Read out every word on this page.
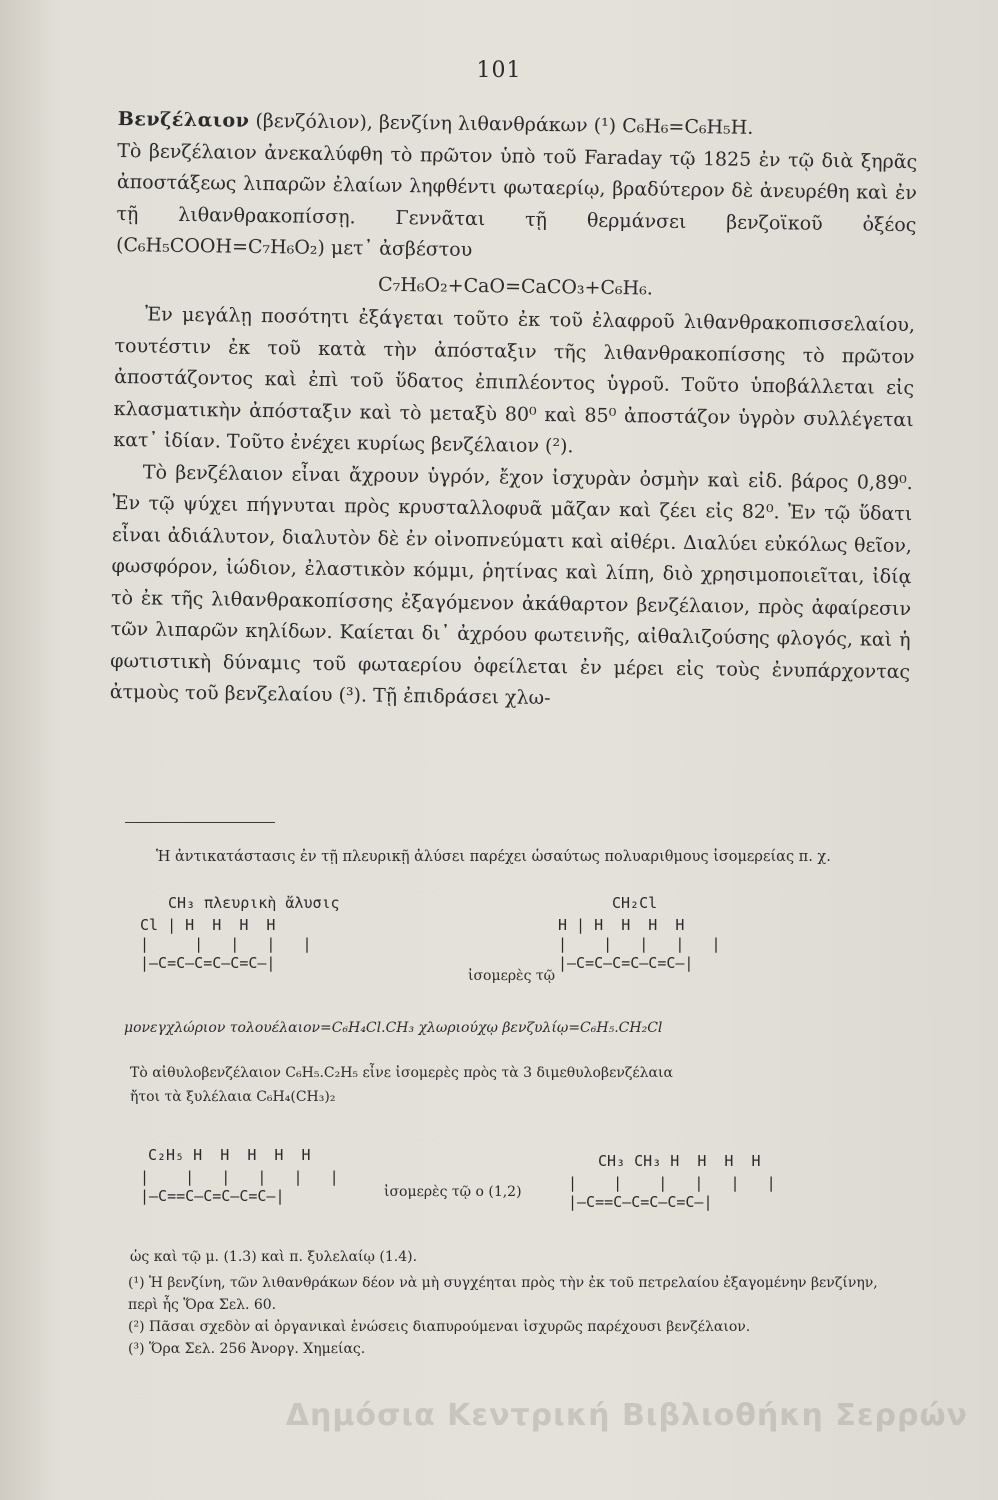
101

Βενζέλαιον (βενζόλιον), βενζίνη λιθανθράκων (¹) C₆H₆=C₆H₅H.

Τὸ βενζέλαιον ἀνεκαλύφθη τὸ πρῶτον ὑπὸ τοῦ Faraday τῷ 1825 ἐν τῷ διὰ ξηρᾶς ἀποστάξεως λιπαρῶν ἐλαίων ληφθέντι φωταερίῳ, βραδύτερον δὲ ἀνευρέθη καὶ ἐν τῇ λιθανθρακοπίσσῃ. Γεννᾶται τῇ θερμάνσει βενζοϊκοῦ ὀξέος (C₆H₅COOH=C₇H₆O₂) μετ᾽ ἀσβέστου

C₇H₆O₂+CaO=CaCO₃+C₆H₆.

Ἐν μεγάλῃ ποσότητι ἐξάγεται τοῦτο ἐκ τοῦ ἐλαφροῦ λιθανθρακοπισσελαίου, τουτέστιν ἐκ τοῦ κατὰ τὴν ἀπόσταξιν τῆς λιθανθρακοπίσσης τὸ πρῶτον ἀποστάζοντος καὶ ἐπὶ τοῦ ὕδατος ἐπιπλέοντος ὑγροῦ. Τοῦτο ὑποβάλλεται εἰς κλασματικὴν ἀπόσταξιν καὶ τὸ μεταξὺ 80⁰ καὶ 85⁰ ἀποστάζον ὑγρὸν συλλέγεται κατ᾽ ἰδίαν. Τοῦτο ἐνέχει κυρίως βενζέλαιον (²).

Τὸ βενζέλαιον εἶναι ἄχρουν ὑγρόν, ἔχον ἰσχυρὰν ὀσμὴν καὶ εἰδ. βάρος 0,89⁰. Ἐν τῷ ψύχει πήγνυται πρὸς κρυσταλλοφυᾶ μᾶζαν καὶ ζέει εἰς 82⁰. Ἐν τῷ ὕδατι εἶναι ἀδιάλυτον, διαλυτὸν δὲ ἐν οἰνοπνεύματι καὶ αἰθέρι. Διαλύει εὐκόλως θεῖον, φωσφόρον, ἰώδιον, ἐλαστικὸν κόμμι, ῥητίνας καὶ λίπη, διὸ χρησιμοποιεῖται, ἰδίᾳ τὸ ἐκ τῆς λιθανθρακοπίσσης ἐξαγόμενον ἀκάθαρτον βενζέλαιον, πρὸς ἀφαίρεσιν τῶν λιπαρῶν κηλίδων. Καίεται δι᾽ ἀχρόου φωτεινῆς, αἰθαλιζούσης φλογός, καὶ ἡ φωτιστικὴ δύναμις τοῦ φωταερίου ὀφείλεται ἐν μέρει εἰς τοὺς ἐνυπάρχοντας ἀτμοὺς τοῦ βενζελαίου (³). Τῇ ἐπιδράσει χλω-

Ἡ ἀντικατάστασις ἐν τῇ πλευρικῇ ἀλύσει παρέχει ὡσαύτως πολυαριθμους ἰσομερείας π. χ.
CH₃ πλευρικὴ ἄλυσις
Cl | H  H  H  H
|     |   |   |   |
|—C=C—C=C—C=C—|
ἰσομερὲς τῷ
CH₂Cl
H | H  H  H  H
|    |   |   |   |
|—C=C—C=C—C=C—|
μονεγχλώριον τολουέλαιον=C₆H₄Cl.CH₃ χλωριούχῳ βενζυλίῳ=C₆H₅.CH₂Cl
Τὸ αἰθυλοβενζέλαιον C₆H₅.C₂H₅ εἶνε ἰσομερὲς πρὸς τὰ 3 διμεθυλοβενζέλαια
ἤτοι τὰ ξυλέλαια C₆H₄(CH₃)₂
C₂H₅ H  H  H  H  H
|    |   |   |   |   |
|—C==C—C=C—C=C—|	ἰσομερὲς τῷ ο (1,2)
CH₃ CH₃ H  H  H  H
|    |    |   |   |   |
|—C==C—C=C—C=C—|
ὡς καὶ τῷ μ. (1.3) καὶ π. ξυλελαίῳ (1.4).
(¹) Ἡ βενζίνη, τῶν λιθανθράκων δέον νὰ μὴ συγχέηται πρὸς τὴν ἐκ τοῦ πετρελαίου ἐξαγομένην βενζίνην, περὶ ἧς Ὅρα Σελ. 60.
(²) Πᾶσαι σχεδὸν αἱ ὀργανικαὶ ἑνώσεις διαπυρούμεναι ἰσχυρῶς παρέχουσι βενζέλαιον.
(³) Ὅρα Σελ. 256 Ἀνοργ. Χημείας.
Δημόσια Κεντρική Βιβλιοθήκη Σερρών
